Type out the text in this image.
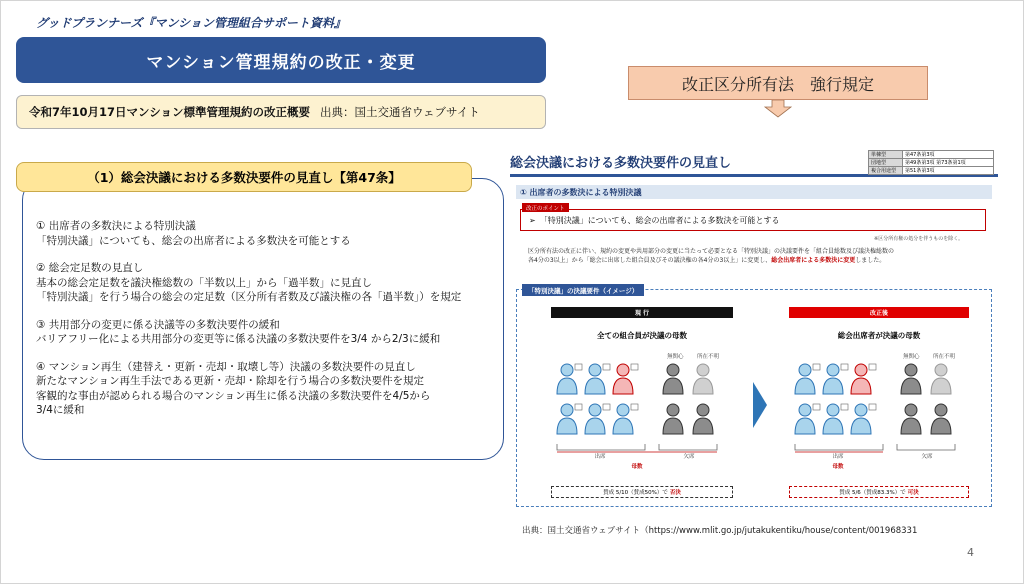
グッドプランナーズ『マンション管理組合サポート資料』
マンション管理規約の改正・変更
改正区分所有法　強行規定
令和7年10月17日マンション標準管理規約の改正概要 出典：国土交通省ウェブサイト
（1）総会決議における多数決要件の見直し【第47条】

① 出席者の多数決による特別決議

「特別決議」についても、総会の出席者による多数決を可能とする

② 総会定足数の見直し

基本の総会定足数を議決権総数の「半数以上」から「過半数」に見直し

「特別決議」を行う場合の総会の定足数（区分所有者数及び議決権の各「過半数」）を規定

③ 共用部分の変更に係る決議等の多数決要件の緩和

バリアフリー化による共用部分の変更等に係る決議の多数決要件を3/4 から2/3に緩和

④ マンション再生（建替え・更新・売却・取壊し等）決議の多数決要件の見直し

新たなマンション再生手法である更新・売却・除却を行う場合の多数決要件を規定

客観的な事由が認められる場合のマンション再生に係る決議の多数決要件を4/5から

3/4に緩和

総会決議における多数決要件の見直し
単棟型	第47条第3項
団地型	第49条第3項 第73条第1項
複合用途型	第51条第3項
① 出席者の多数決による特別決議
➢ 「特別決議」についても、総会の出席者による多数決を可能とする
改正のポイント
※区分所有権の処分を伴うものを除く。
区分所有法の改正に伴い、規約の変更や共用部分の変更に当たって必要となる「特別決議」の決議要件を「組合員総数及び議決権総数の
各4分の3以上」から「総会に出席した組合員及びその議決権の各4分の3以上」に変更し、総会出席者による多数決に変更しました。
現 行
全ての組合員が決議の母数
無関心 所在不明
出席	欠席
母数
賛成 5/10（賛成50%）で 否決
改正後
総会出席者が決議の母数
無関心 所在不明
出席	欠席
母数
賛成 5/6（賛成83.3%）で 可決
「特別決議」の決議要件（イメージ）
出典：国土交通省ウェブサイト（https://www.mlit.go.jp/jutakukentiku/house/content/001968331
4
